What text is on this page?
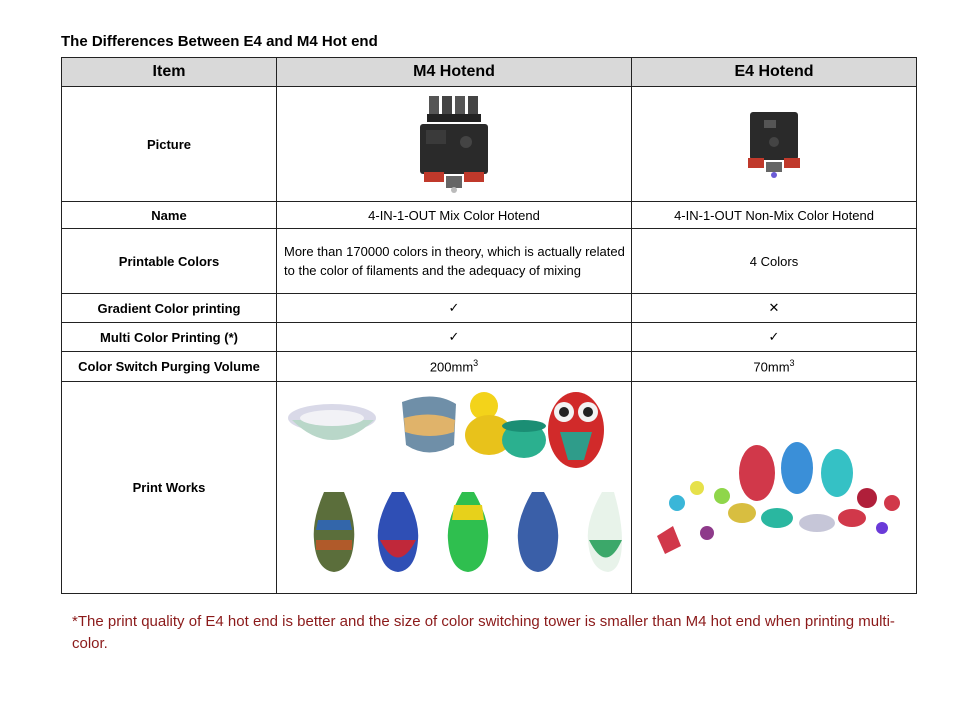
The Differences Between E4 and M4 Hot end
Item	M4 Hotend	E4 Hotend
Picture	

Name	4-IN-1-OUT Mix Color Hotend	4-IN-1-OUT Non-Mix Color Hotend
Printable Colors	More than 170000 colors in theory, which is actually related to the color of filaments and the adequacy of mixing	4 Colors
Gradient Color printing	✓	✕
Multi Color Printing (*)	✓	✓
Color Switch Purging Volume	$200mm^3$	$70mm^3$
Print Works	

*The print quality of E4 hot end is better and the size of color switching tower is smaller than M4 hot end when printing multi-color.
